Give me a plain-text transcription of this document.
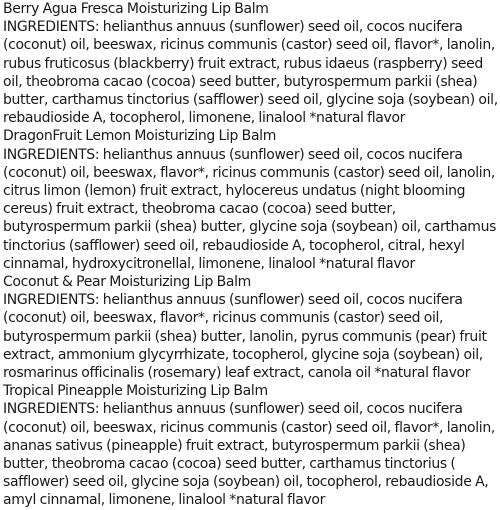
Berry Agua Fresca Moisturizing Lip Balm

INGREDIENTS: helianthus annuus (sunflower) seed oil, cocos nucifera (coconut) oil, beeswax, ricinus communis (castor) seed oil, flavor*, lanolin, rubus fruticosus (blackberry) fruit extract, rubus idaeus (raspberry) seed oil, theobroma cacao (cocoa) seed butter, butyrospermum parkii (shea) butter, carthamus tinctorius (safflower) seed oil, glycine soja (soybean) oil, rebaudioside A, tocopherol, limonene, linalool *natural flavor

DragonFruit Lemon Moisturizing Lip Balm

INGREDIENTS: helianthus annuus (sunflower) seed oil, cocos nucifera (coconut) oil, beeswax, flavor*, ricinus communis (castor) seed oil, lanolin, citrus limon (lemon) fruit extract, hylocereus undatus (night blooming cereus) fruit extract, theobroma cacao (cocoa) seed butter, butyrospermum parkii (shea) butter, glycine soja (soybean) oil, carthamus tinctorius (safflower) seed oil, rebaudioside A, tocopherol, citral, hexyl cinnamal, hydroxycitronellal, limonene, linalool *natural flavor

Coconut & Pear Moisturizing Lip Balm

INGREDIENTS: helianthus annuus (sunflower) seed oil, cocos nucifera (coconut) oil, beeswax, flavor*, ricinus communis (castor) seed oil, butyrospermum parkii (shea) butter, lanolin, pyrus communis (pear) fruit extract, ammonium glycyrrhizate, tocopherol, glycine soja (soybean) oil, rosmarinus officinalis (rosemary) leaf extract, canola oil *natural flavor

Tropical Pineapple Moisturizing Lip Balm

INGREDIENTS: helianthus annuus (sunflower) seed oil, cocos nucifera (coconut) oil, beeswax, ricinus communis (castor) seed oil, flavor*, lanolin, ananas sativus (pineapple) fruit extract, butyrospermum parkii (shea) butter, theobroma cacao (cocoa) seed butter, carthamus tinctorius ( safflower) seed oil, glycine soja (soybean) oil, tocopherol, rebaudioside A, amyl cinnamal, limonene, linalool *natural flavor
